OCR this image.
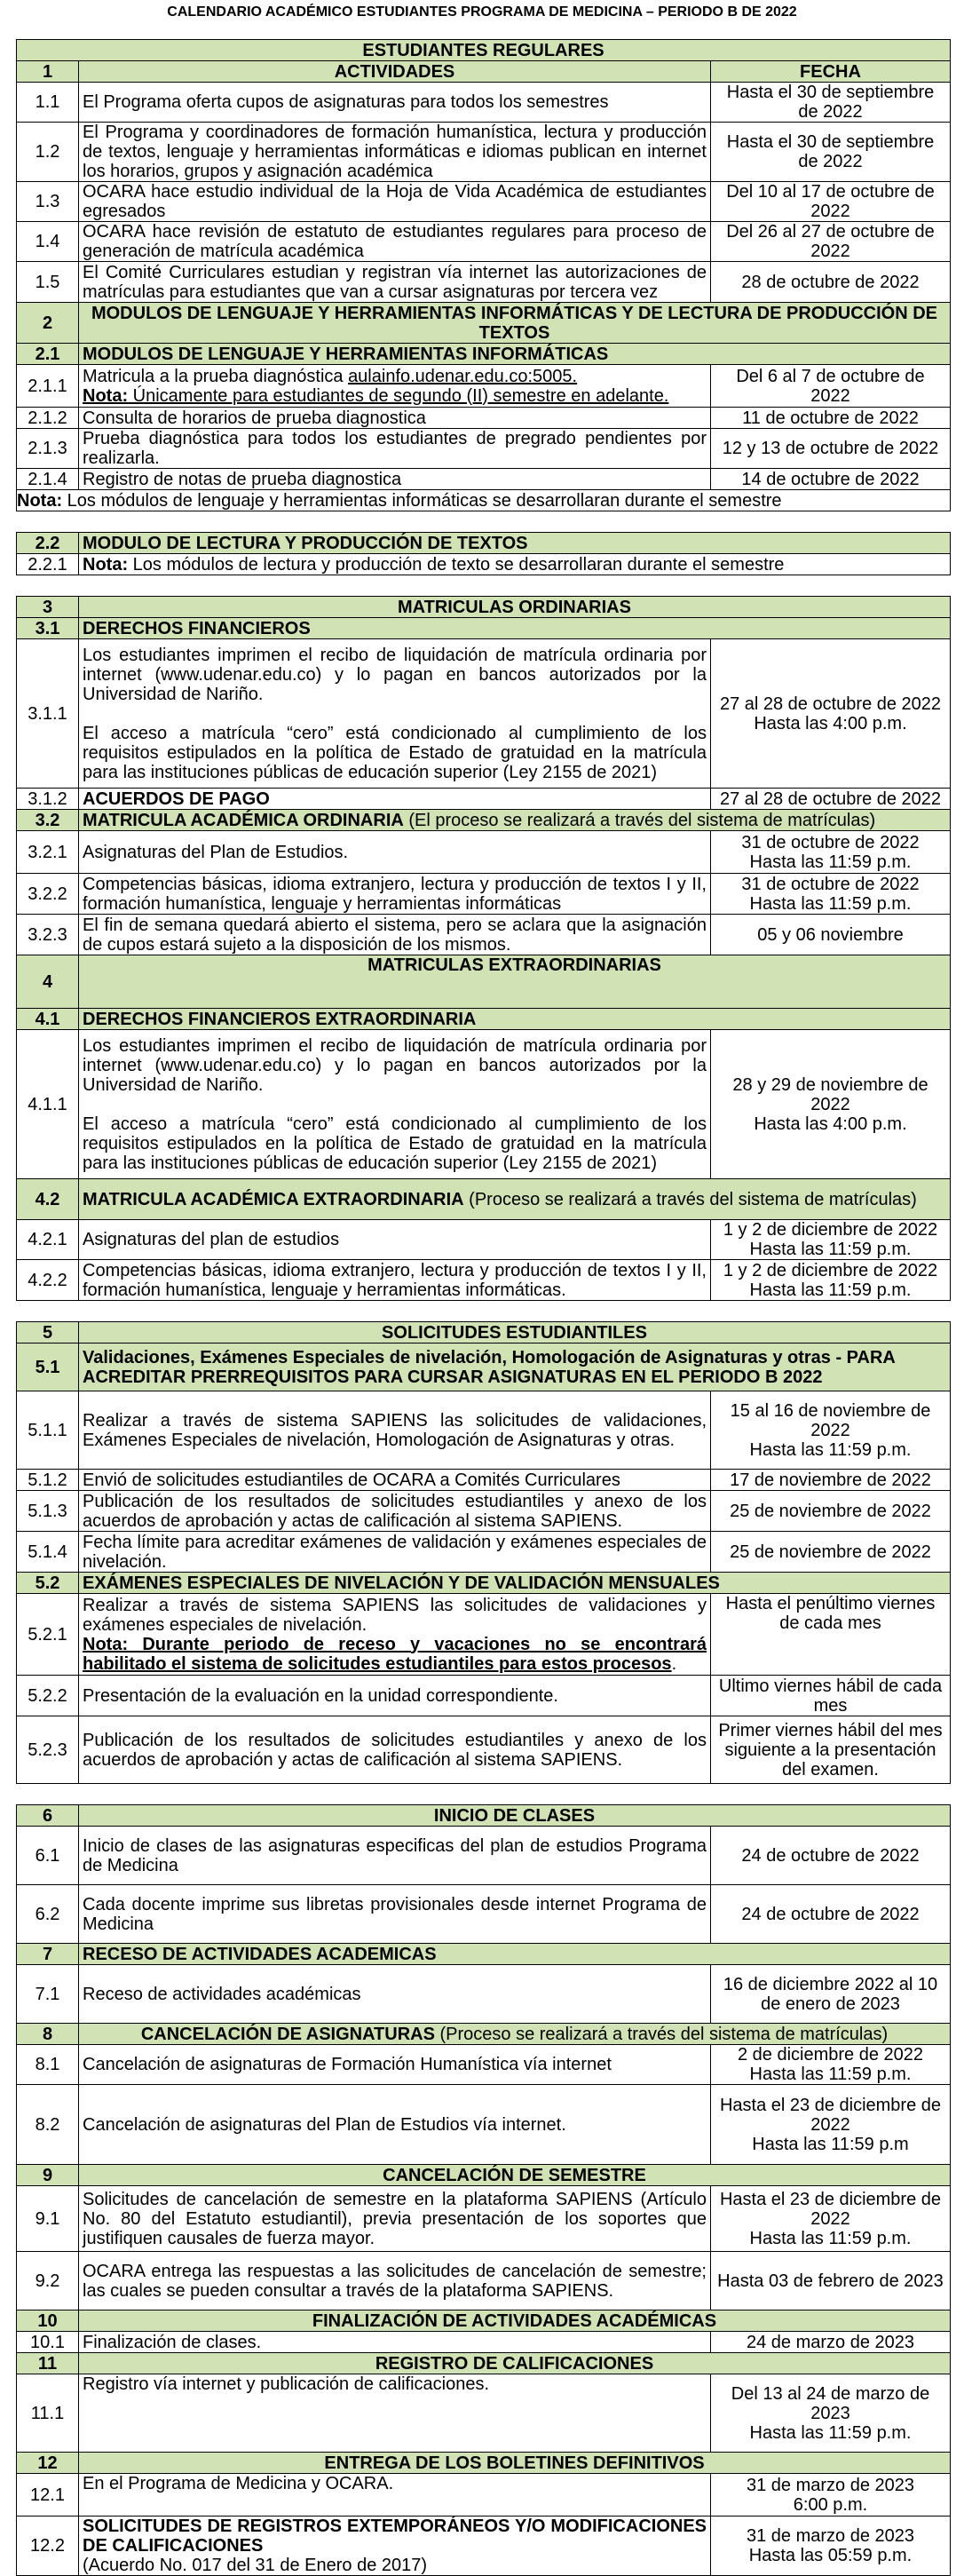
CALENDARIO ACADÉMICO ESTUDIANTES PROGRAMA DE MEDICINA – PERIODO B DE 2022
ESTUDIANTES REGULARES		
1	ACTIVIDADES	FECHA
1.1	El Programa oferta cupos de asignaturas para todos los semestres	Hasta el 30 de septiembre de 2022
1.2	El Programa y coordinadores de formación humanística, lectura y producción de textos, lenguaje y herramientas informáticas e idiomas publican en internet los horarios, grupos y asignación académica	Hasta el 30 de septiembre de 2022
1.3	OCARA hace estudio individual de la Hoja de Vida Académica de estudiantes egresados	Del 10 al 17 de octubre de 2022
1.4	OCARA hace revisión de estatuto de estudiantes regulares para proceso de generación de matrícula académica	Del 26 al 27 de octubre de 2022
1.5	El Comité Curriculares estudian y registran vía internet las autorizaciones de matrículas para estudiantes que van a cursar asignaturas por tercera vez	28 de octubre de 2022
2	MODULOS DE LENGUAJE Y HERRAMIENTAS INFORMÁTICAS Y DE LECTURA DE PRODUCCIÓN DE TEXTOS	
2.1	MODULOS DE LENGUAJE Y HERRAMIENTAS INFORMÁTICAS	
2.1.1	Matricula a la prueba diagnóstica aulainfo.udenar.edu.co:5005.
Nota: Únicamente para estudiantes de segundo (II) semestre en adelante.	Del 6 al 7 de octubre de 2022
2.1.2	Consulta de horarios de prueba diagnostica	11 de octubre de 2022
2.1.3	Prueba diagnóstica para todos los estudiantes de pregrado pendientes por realizarla.	12 y 13 de octubre de 2022
2.1.4	Registro de notas de prueba diagnostica	14 de octubre de 2022
Nota: Los módulos de lenguaje y herramientas informáticas se desarrollaran durante el semestre		

2.2	MODULO DE LECTURA Y PRODUCCIÓN DE TEXTOS	
2.2.1	Nota: Los módulos de lectura y producción de texto se desarrollaran durante el semestre	

3	MATRICULAS ORDINARIAS	
3.1	DERECHOS FINANCIEROS	
3.1.1	Los estudiantes imprimen el recibo de liquidación de matrícula ordinaria por internet (www.udenar.edu.co) y lo pagan en bancos autorizados por la Universidad de Nariño.

El acceso a matrícula “cero” está condicionado al cumplimiento de los requisitos estipulados en la política de Estado de gratuidad en la matrícula para las instituciones públicas de educación superior (Ley 2155 de 2021)	27 al 28 de octubre de 2022
Hasta las 4:00 p.m.
3.1.2	ACUERDOS DE PAGO	27 al 28 de octubre de 2022
3.2	MATRICULA ACADÉMICA ORDINARIA (El proceso se realizará a través del sistema de matrículas)	
3.2.1	Asignaturas del Plan de Estudios.	31 de octubre de 2022
Hasta las 11:59 p.m.
3.2.2	Competencias básicas, idioma extranjero, lectura y producción de textos I y II, formación humanística, lenguaje y herramientas informáticas	31 de octubre de 2022
Hasta las 11:59 p.m.
3.2.3	El fin de semana quedará abierto el sistema, pero se aclara que la asignación de cupos estará sujeto a la disposición de los mismos.	05 y 06 noviembre
4	MATRICULAS EXTRAORDINARIAS	
4.1	DERECHOS FINANCIEROS EXTRAORDINARIA	
4.1.1	Los estudiantes imprimen el recibo de liquidación de matrícula ordinaria por internet (www.udenar.edu.co) y lo pagan en bancos autorizados por la Universidad de Nariño.

El acceso a matrícula “cero” está condicionado al cumplimiento de los requisitos estipulados en la política de Estado de gratuidad en la matrícula para las instituciones públicas de educación superior (Ley 2155 de 2021)	28 y 29 de noviembre de 2022
Hasta las 4:00 p.m.
4.2	MATRICULA ACADÉMICA EXTRAORDINARIA (Proceso se realizará a través del sistema de matrículas)	
4.2.1	Asignaturas del plan de estudios	1 y 2 de diciembre de 2022
Hasta las 11:59 p.m.
4.2.2	Competencias básicas, idioma extranjero, lectura y producción de textos I y II, formación humanística, lenguaje y herramientas informáticas.	1 y 2 de diciembre de 2022
Hasta las 11:59 p.m.

5	SOLICITUDES ESTUDIANTILES	
5.1	Validaciones, Exámenes Especiales de nivelación, Homologación de Asignaturas y otras - PARA ACREDITAR PRERREQUISITOS PARA CURSAR ASIGNATURAS EN EL PERIODO B 2022	
5.1.1	Realizar a través de sistema SAPIENS las solicitudes de validaciones, Exámenes Especiales de nivelación, Homologación de Asignaturas y otras.	15 al 16 de noviembre de 2022
Hasta las 11:59 p.m.
5.1.2	Envió de solicitudes estudiantiles de OCARA a Comités Curriculares	17 de noviembre de 2022
5.1.3	Publicación de los resultados de solicitudes estudiantiles y anexo de los acuerdos de aprobación y actas de calificación al sistema SAPIENS.	25 de noviembre de 2022
5.1.4	Fecha límite para acreditar exámenes de validación y exámenes especiales de nivelación.	25 de noviembre de 2022
5.2	EXÁMENES ESPECIALES DE NIVELACIÓN Y DE VALIDACIÓN MENSUALES	
5.2.1	Realizar a través de sistema SAPIENS las solicitudes de validaciones y exámenes especiales de nivelación.
Nota: Durante periodo de receso y vacaciones no se encontrará habilitado el sistema de solicitudes estudiantiles para estos procesos.	Hasta el penúltimo viernes de cada mes
5.2.2	Presentación de la evaluación en la unidad correspondiente.	Ultimo viernes hábil de cada mes
5.2.3	Publicación de los resultados de solicitudes estudiantiles y anexo de los acuerdos de aprobación y actas de calificación al sistema SAPIENS.	Primer viernes hábil del mes siguiente a la presentación del examen.

6	INICIO DE CLASES	
6.1	Inicio de clases de las asignaturas especificas del plan de estudios Programa de Medicina	24 de octubre de 2022
6.2	Cada docente imprime sus libretas provisionales desde internet Programa de Medicina	24 de octubre de 2022
7	RECESO DE ACTIVIDADES ACADEMICAS	
7.1	Receso de actividades académicas	16 de diciembre 2022 al 10 de enero de 2023
8	CANCELACIÓN DE ASIGNATURAS (Proceso se realizará a través del sistema de matrículas)	
8.1	Cancelación de asignaturas de Formación Humanística vía internet	2 de diciembre de 2022
Hasta las 11:59 p.m.
8.2	Cancelación de asignaturas del Plan de Estudios vía internet.	Hasta el 23 de diciembre de 2022
Hasta las 11:59 p.m
9	CANCELACIÓN DE SEMESTRE	
9.1	Solicitudes de cancelación de semestre en la plataforma SAPIENS (Artículo No. 80 del Estatuto estudiantil), previa presentación de los soportes que justifiquen causales de fuerza mayor.	Hasta el 23 de diciembre de 2022
Hasta las 11:59 p.m.
9.2	OCARA entrega las respuestas a las solicitudes de cancelación de semestre; las cuales se pueden consultar a través de la plataforma SAPIENS.	Hasta 03 de febrero de 2023
10	FINALIZACIÓN DE ACTIVIDADES ACADÉMICAS	
10.1	Finalización de clases.	24 de marzo de 2023
11	REGISTRO DE CALIFICACIONES	
11.1	Registro vía internet y publicación de calificaciones.	Del 13 al 24 de marzo de 2023
Hasta las 11:59 p.m.
12	ENTREGA DE LOS BOLETINES DEFINITIVOS	
12.1	En el Programa de Medicina y OCARA.	31 de marzo de 2023
6:00 p.m.
12.2	SOLICITUDES DE REGISTROS EXTEMPORÁNEOS Y/O MODIFICACIONES DE CALIFICACIONES
(Acuerdo No. 017 del 31 de Enero de 2017)	31 de marzo de 2023
Hasta las 05:59 p.m.
